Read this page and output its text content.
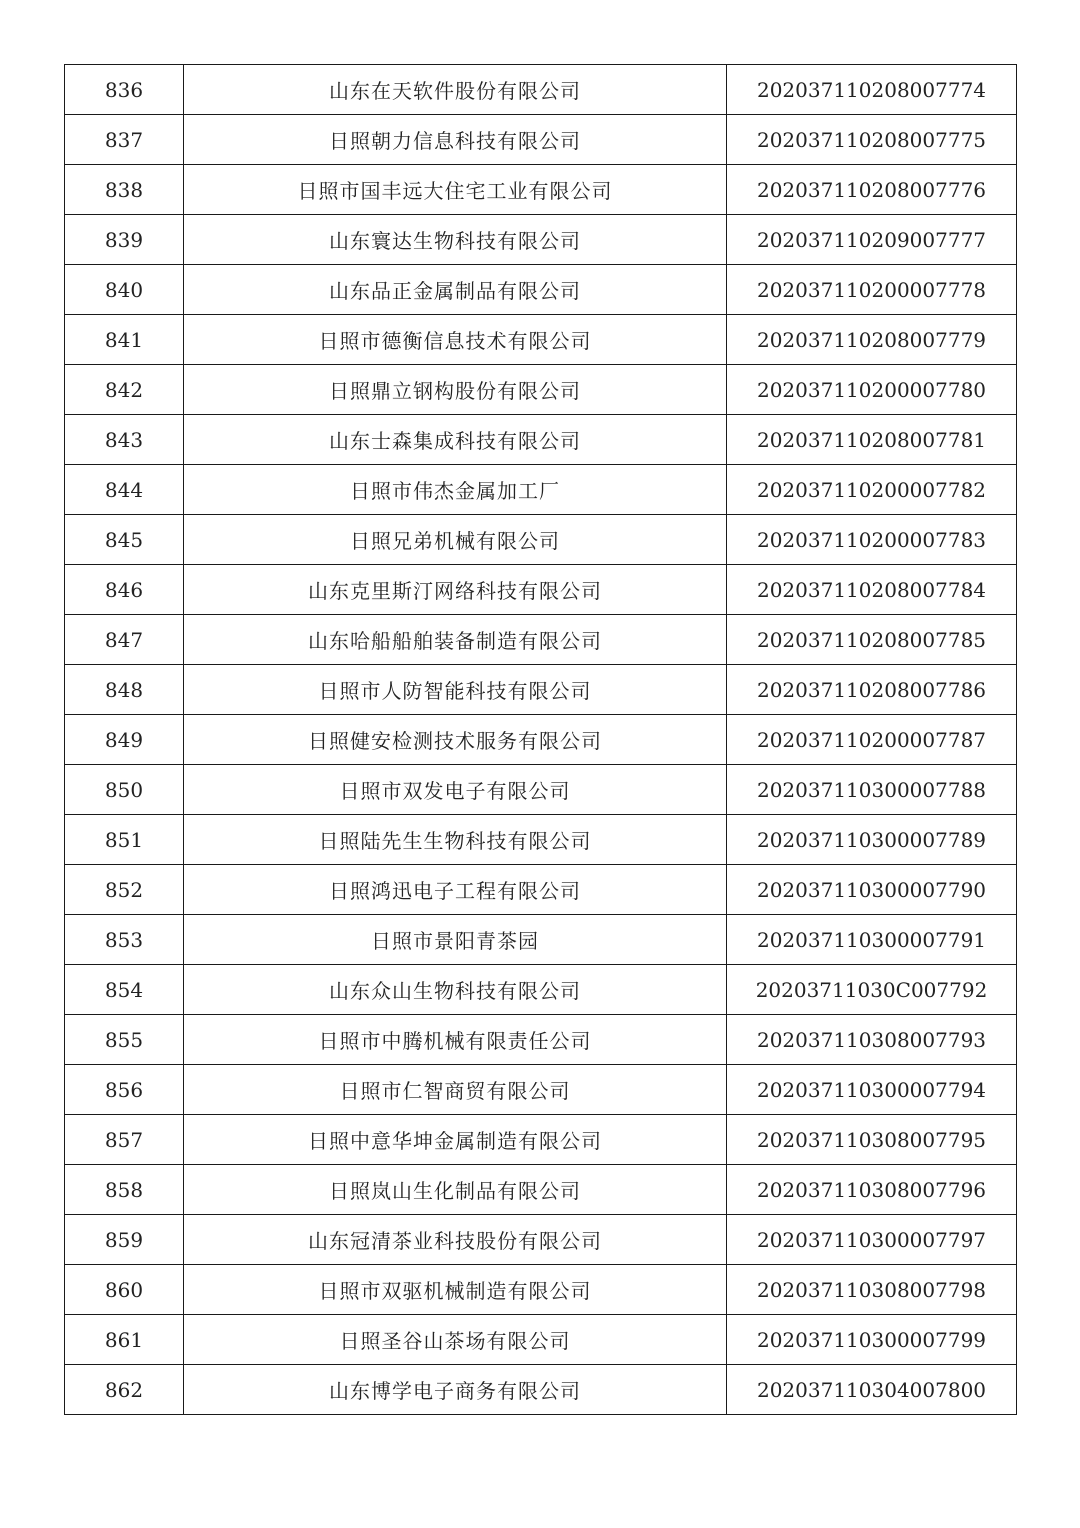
836	山东在天软件股份有限公司	202037110208007774
837	日照朝力信息科技有限公司	202037110208007775
838	日照市国丰远大住宅工业有限公司	202037110208007776
839	山东寰达生物科技有限公司	202037110209007777
840	山东品正金属制品有限公司	202037110200007778
841	日照市德衡信息技术有限公司	202037110208007779
842	日照鼎立钢构股份有限公司	202037110200007780
843	山东士森集成科技有限公司	202037110208007781
844	日照市伟杰金属加工厂	202037110200007782
845	日照兄弟机械有限公司	202037110200007783
846	山东克里斯汀网络科技有限公司	202037110208007784
847	山东哈船船舶装备制造有限公司	202037110208007785
848	日照市人防智能科技有限公司	202037110208007786
849	日照健安检测技术服务有限公司	202037110200007787
850	日照市双发电子有限公司	202037110300007788
851	日照陆先生生物科技有限公司	202037110300007789
852	日照鸿迅电子工程有限公司	202037110300007790
853	日照市景阳青茶园	202037110300007791
854	山东众山生物科技有限公司	20203711030C007792
855	日照市中腾机械有限责任公司	202037110308007793
856	日照市仁智商贸有限公司	202037110300007794
857	日照中意华坤金属制造有限公司	202037110308007795
858	日照岚山生化制品有限公司	202037110308007796
859	山东冠清茶业科技股份有限公司	202037110300007797
860	日照市双驱机械制造有限公司	202037110308007798
861	日照圣谷山茶场有限公司	202037110300007799
862	山东博学电子商务有限公司	202037110304007800
